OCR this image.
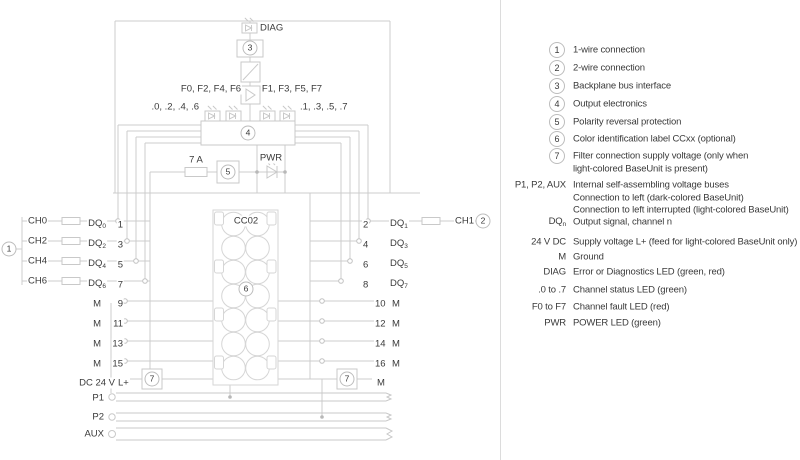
DIAG
3
F0, F2, F4, F6 F1, F3, F5, F7
.0, .2, .4, .6	.1, .3, .5, .7
4
7 A
5
PWR
CC02
6
1
CH0	$DQ_0$ 1
CH2	$DQ_2$ 3
CH4	$DQ_4$ 5
CH6	$DQ_6$ 7
2 $DQ_1$	CH1 2
4 $DQ_3$
6 $DQ_5$
8 $DQ_7$
M 9
M 11
M 13
M 15
10 M
12 M
14 M
16 M
DC 24 V L+	7	7	M
P1
P2
AUX
1	1-wire connection
2	2-wire connection
3	Backplane bus interface
4	Output electronics
5	Polarity reversal protection
6	Color identification label CCxx (optional)
7	Filter connection supply voltage (only when
light-colored BaseUnit is present)
P1, P2, AUX Internal self-assembling voltage buses
Connection to left (dark-colored BaseUnit)
Connection to left interrupted (light-colored BaseUnit)
$DQ_n$ Output signal, channel n
24 V DC Supply voltage L+ (feed for light-colored BaseUnit only)
M Ground
DIAG Error or Diagnostics LED (green, red)
.0 to .7 Channel status LED (green)
F0 to F7 Channel fault LED (red)
PWR POWER LED (green)
